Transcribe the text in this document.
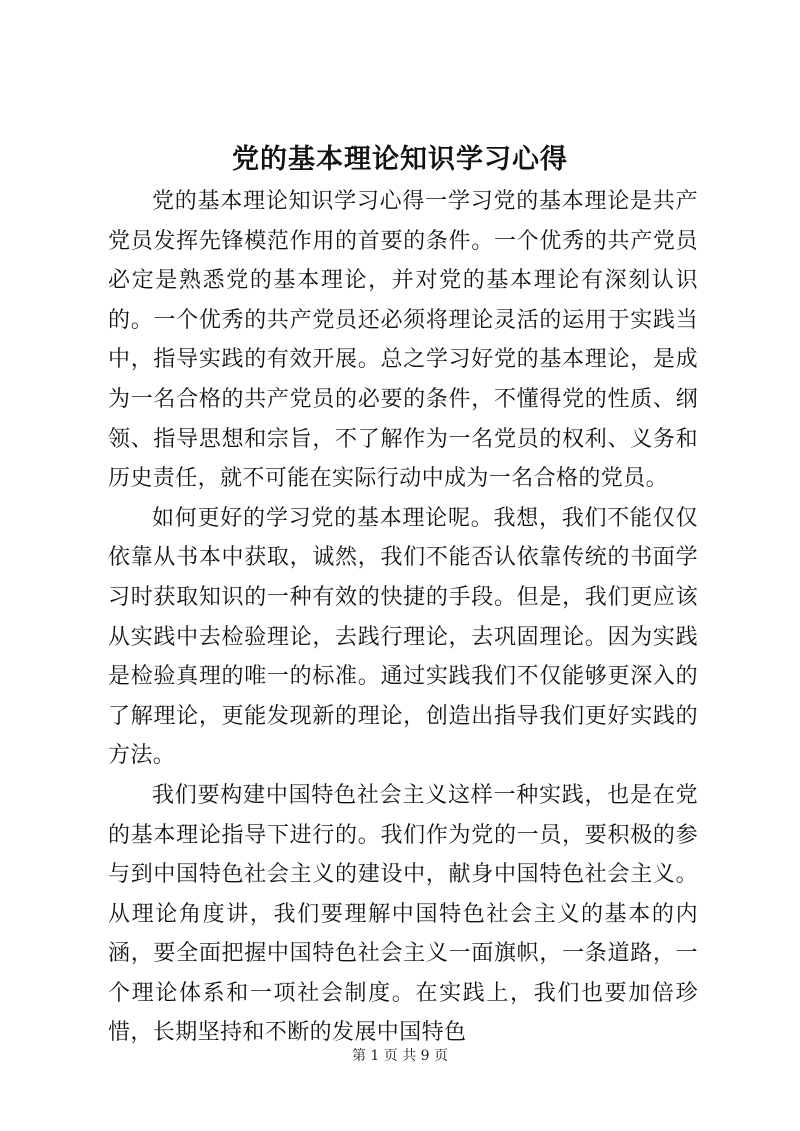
党的基本理论知识学习心得

党的基本理论知识学习心得一学习党的基本理论是共产党员发挥先锋模范作用的首要的条件。一个优秀的共产党员必定是熟悉党的基本理论，并对党的基本理论有深刻认识的。一个优秀的共产党员还必须将理论灵活的运用于实践当中，指导实践的有效开展。总之学习好党的基本理论，是成为一名合格的共产党员的必要的条件，不懂得党的性质、纲领、指导思想和宗旨，不了解作为一名党员的权利、义务和历史责任，就不可能在实际行动中成为一名合格的党员。

如何更好的学习党的基本理论呢。我想，我们不能仅仅依靠从书本中获取，诚然，我们不能否认依靠传统的书面学习时获取知识的一种有效的快捷的手段。但是，我们更应该从实践中去检验理论，去践行理论，去巩固理论。因为实践是检验真理的唯一的标准。通过实践我们不仅能够更深入的了解理论，更能发现新的理论，创造出指导我们更好实践的方法。

我们要构建中国特色社会主义这样一种实践，也是在党的基本理论指导下进行的。我们作为党的一员，要积极的参与到中国特色社会主义的建设中，献身中国特色社会主义。从理论角度讲，我们要理解中国特色社会主义的基本的内涵，要全面把握中国特色社会主义一面旗帜，一条道路，一个理论体系和一项社会制度。在实践上，我们也要加倍珍惜，长期坚持和不断的发展中国特色

第 1 页 共 9 页
